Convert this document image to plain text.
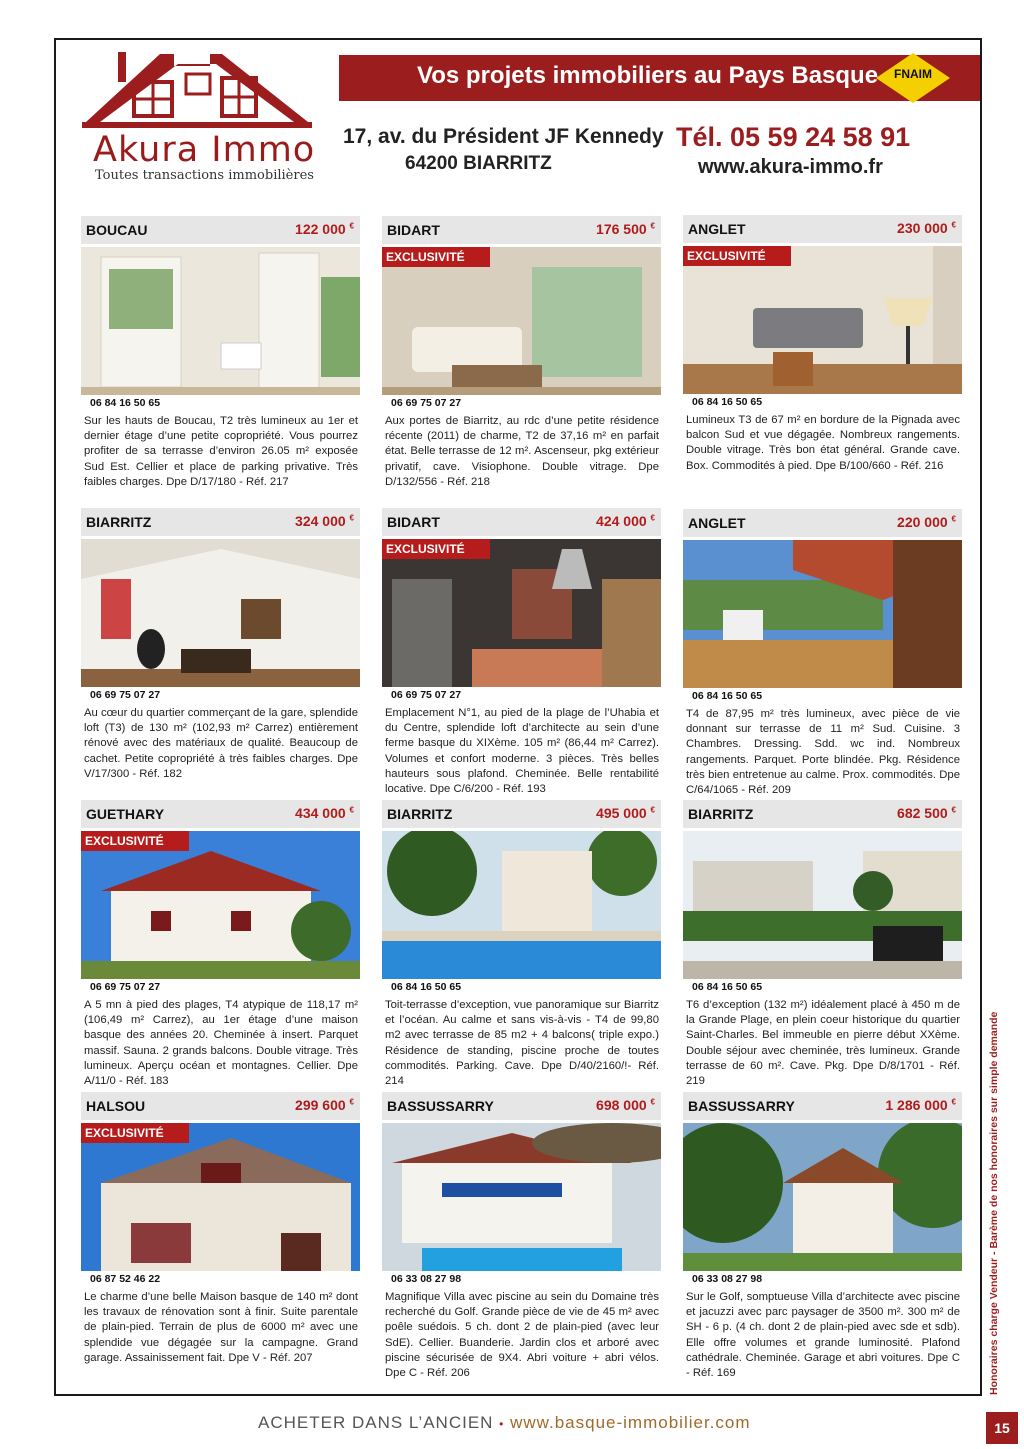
Akura Immo
Toutes transactions immobilières
Vos projets immobiliers au Pays Basque	FNAIM
17, av. du Président JF Kennedy
64200 BIARRITZ
Tél. 05 59 24 58 91
www.akura-immo.fr
BOUCAU	122 000 €
06 84 16 50 65
Sur les hauts de Boucau, T2 très lumineux au 1er et dernier étage d’une petite copropriété. Vous pourrez profiter de sa terrasse d’environ 26.05 m² exposée Sud Est. Cellier et place de parking privative. Très faibles charges. Dpe D/17/180 - Réf. 217
BIDART	176 500 €
EXCLUSIVITÉ
06 69 75 07 27
Aux portes de Biarritz, au rdc d’une petite résidence récente (2011) de charme, T2 de 37,16 m² en parfait état. Belle terrasse de 12 m². Ascenseur, pkg extérieur privatif, cave. Visiophone. Double vitrage. Dpe D/132/556 - Réf. 218
ANGLET	230 000 €
EXCLUSIVITÉ
06 84 16 50 65
Lumineux T3 de 67 m² en bordure de la Pignada avec balcon Sud et vue dégagée. Nombreux rangements. Double vitrage. Très bon état général. Grande cave. Box. Commodités à pied. Dpe B/100/660 - Réf. 216
BIARRITZ	324 000 €
06 69 75 07 27
Au cœur du quartier commerçant de la gare, splendide loft (T3) de 130 m² (102,93 m² Carrez) entièrement rénové avec des matériaux de qualité. Beaucoup de cachet. Petite copropriété à très faibles charges. Dpe V/17/300 - Réf. 182
BIDART	424 000 €
EXCLUSIVITÉ
06 69 75 07 27
Emplacement N°1, au pied de la plage de l’Uhabia et du Centre, splendide loft d’architecte au sein d’une ferme basque du XIXème. 105 m² (86,44 m² Carrez). Volumes et confort moderne. 3 pièces. Très belles hauteurs sous plafond. Cheminée. Belle rentabilité locative. Dpe C/6/200 - Réf. 193
ANGLET	220 000 €
06 84 16 50 65
T4 de 87,95 m² très lumineux, avec pièce de vie donnant sur terrasse de 11 m² Sud. Cuisine. 3 Chambres. Dressing. Sdd. wc ind. Nombreux rangements. Parquet. Porte blindée. Pkg. Résidence très bien entretenue au calme. Prox. commodités. Dpe C/64/1065 - Réf. 209
GUETHARY	434 000 €
EXCLUSIVITÉ
06 69 75 07 27
A 5 mn à pied des plages, T4 atypique de 118,17 m² (106,49 m² Carrez), au 1er étage d’une maison basque des années 20. Cheminée à insert. Parquet massif. Sauna. 2 grands balcons. Double vitrage. Très lumineux. Aperçu océan et montagnes. Cellier. Dpe A/11/0 - Réf. 183
BIARRITZ	495 000 €
06 84 16 50 65
Toit-terrasse d’exception, vue panoramique sur Biarritz et l’océan. Au calme et sans vis-à-vis - T4 de 99,80 m2 avec terrasse de 85 m2 + 4 balcons( triple expo.) Résidence de standing, piscine proche de toutes commodités. Parking. Cave. Dpe D/40/2160/!- Réf. 214
BIARRITZ	682 500 €
06 84 16 50 65
T6 d’exception (132 m²) idéalement placé à 450 m de la Grande Plage, en plein coeur historique du quartier Saint-Charles. Bel immeuble en pierre début XXème. Double séjour avec cheminée, très lumineux. Grande terrasse de 60 m². Cave. Pkg. Dpe D/8/1701 - Réf. 219
HALSOU	299 600 €
EXCLUSIVITÉ
06 87 52 46 22
Le charme d’une belle Maison basque de 140 m² dont les travaux de rénovation sont à finir. Suite parentale de plain-pied. Terrain de plus de 6000 m² avec une splendide vue dégagée sur la campagne. Grand garage. Assainissement fait. Dpe V - Réf. 207
BASSUSSARRY	698 000 €
06 33 08 27 98
Magnifique Villa avec piscine au sein du Domaine très recherché du Golf. Grande pièce de vie de 45 m² avec poêle suédois. 5 ch. dont 2 de plain-pied (avec leur SdE). Cellier. Buanderie. Jardin clos et arboré avec piscine sécurisée de 9X4. Abri voiture + abri vélos. Dpe C - Réf. 206
BASSUSSARRY	1 286 000 €
06 33 08 27 98
Sur le Golf, somptueuse Villa d’architecte avec piscine et jacuzzi avec parc paysager de 3500 m². 300 m² de SH - 6 p. (4 ch. dont 2 de plain-pied avec sde et sdb). Elle offre volumes et grande luminosité. Plafond cathédrale. Cheminée. Garage et abri voitures. Dpe C - Réf. 169	Honoraires charge Vendeur - Barème de nos honoraires sur simple demande
ACHETER DANS L’ANCIEN • www.basque-immobilier.com	15
